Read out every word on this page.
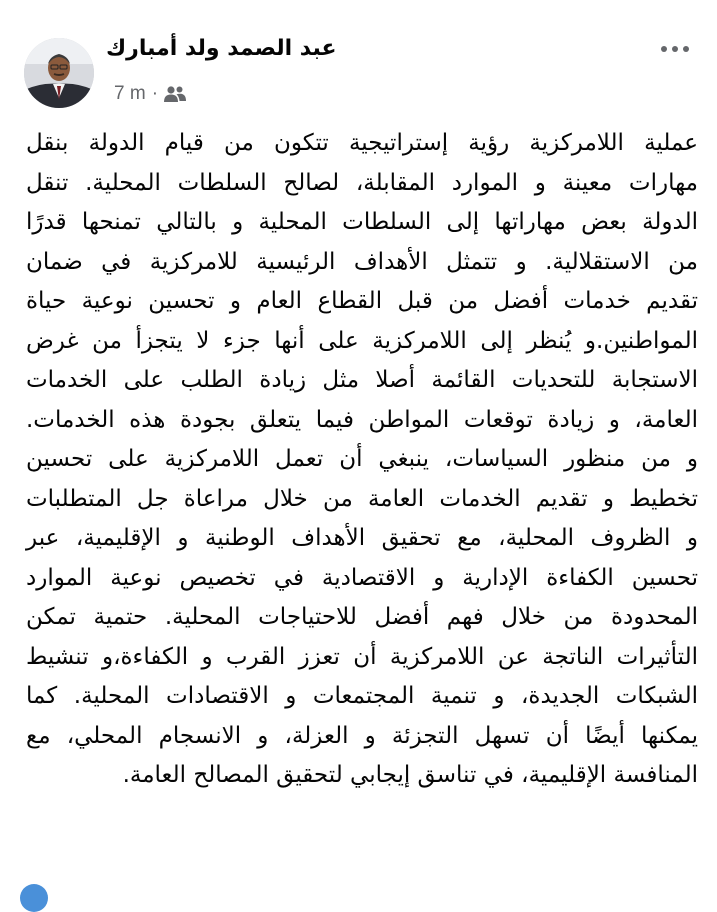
عبد الصمد ولد أمبارك
7 m ·
عملية اللامركزية رؤية إستراتيجية تتكون من قيام الدولة بنقل
مهارات معينة و الموارد المقابلة، لصالح السلطات المحلية. تنقل
الدولة بعض مهاراتها إلى السلطات المحلية و بالتالي تمنحها قدرًا
من الاستقلالية. و تتمثل الأهداف الرئيسية للامركزية في ضمان
تقديم خدمات أفضل من قبل القطاع العام و تحسين نوعية حياة
المواطنين.و يُنظر إلى اللامركزية على أنها جزء لا يتجزأ من غرض
الاستجابة للتحديات القائمة أصلا مثل زيادة الطلب على الخدمات
العامة، و زيادة توقعات المواطن فيما يتعلق بجودة هذه الخدمات.
و من منظور السياسات، ينبغي أن تعمل اللامركزية على تحسين
تخطيط و تقديم الخدمات العامة من خلال مراعاة جل المتطلبات
و الظروف المحلية، مع تحقيق الأهداف الوطنية و الإقليمية، عبر
تحسين الكفاءة الإدارية و الاقتصادية في تخصيص نوعية الموارد
المحدودة من خلال فهم أفضل للاحتياجات المحلية. حتمية تمكن
التأثيرات الناتجة عن اللامركزية أن تعزز القرب و الكفاءة،و تنشيط
الشبكات الجديدة، و تنمية المجتمعات و الاقتصادات المحلية. كما
يمكنها أيضًا أن تسهل التجزئة و العزلة، و الانسجام المحلي، مع
المنافسة الإقليمية، في تناسق إيجابي لتحقيق المصالح العامة.
